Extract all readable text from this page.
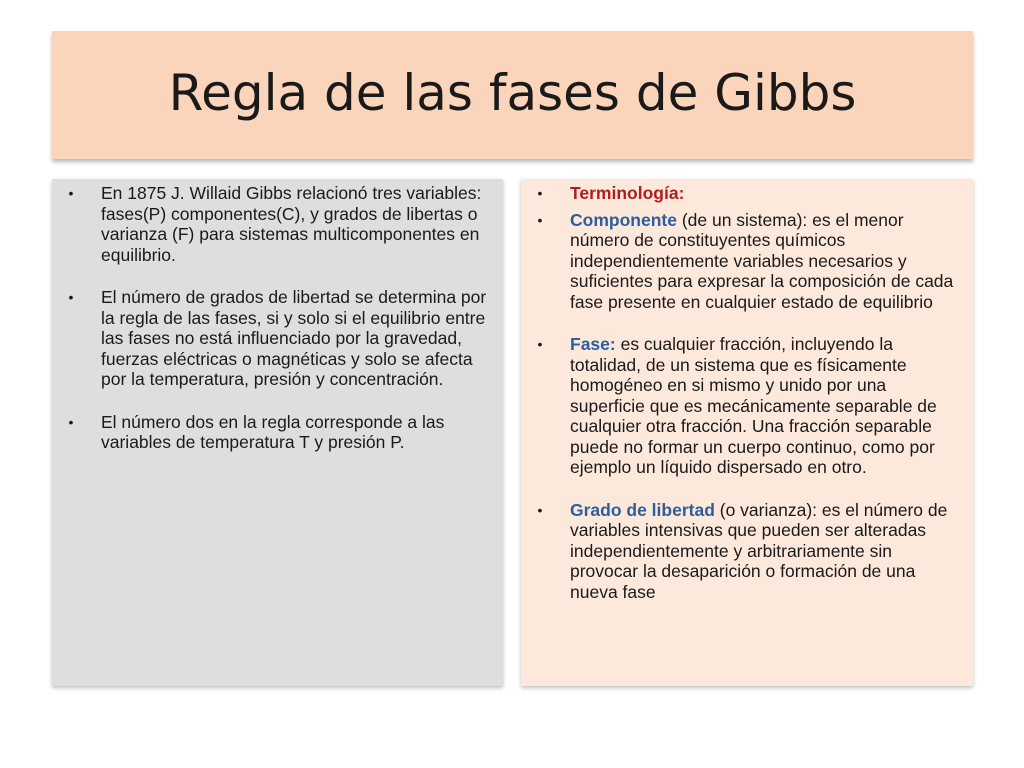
Regla de las fases de Gibbs
•	En 1875 J. Willaid Gibbs relacionó tres variables: fases(P) componentes(C), y grados de libertas o varianza (F) para sistemas multicomponentes en equilibrio.
•	El número de grados de libertad se determina por la regla de las fases, si y solo si el equilibrio entre las fases no está influenciado por la gravedad, fuerzas eléctricas o magnéticas y solo se afecta por la temperatura, presión y concentración.
•	El número dos en la regla corresponde a las variables de temperatura T y presión P.
•	Terminología:
•	Componente (de un sistema): es el menor número de constituyentes químicos independientemente variables necesarios y suficientes para expresar la composición de cada fase presente en cualquier estado de equilibrio
•	Fase: es cualquier fracción, incluyendo la totalidad, de un sistema que es físicamente homogéneo en si mismo y unido por una superficie que es mecánicamente separable de cualquier otra fracción. Una fracción separable puede no formar un cuerpo continuo, como por ejemplo un líquido dispersado en otro.
•	Grado de libertad (o varianza): es el número de variables intensivas que pueden ser alteradas independientemente y arbitrariamente sin provocar la desaparición o formación de una nueva fase
